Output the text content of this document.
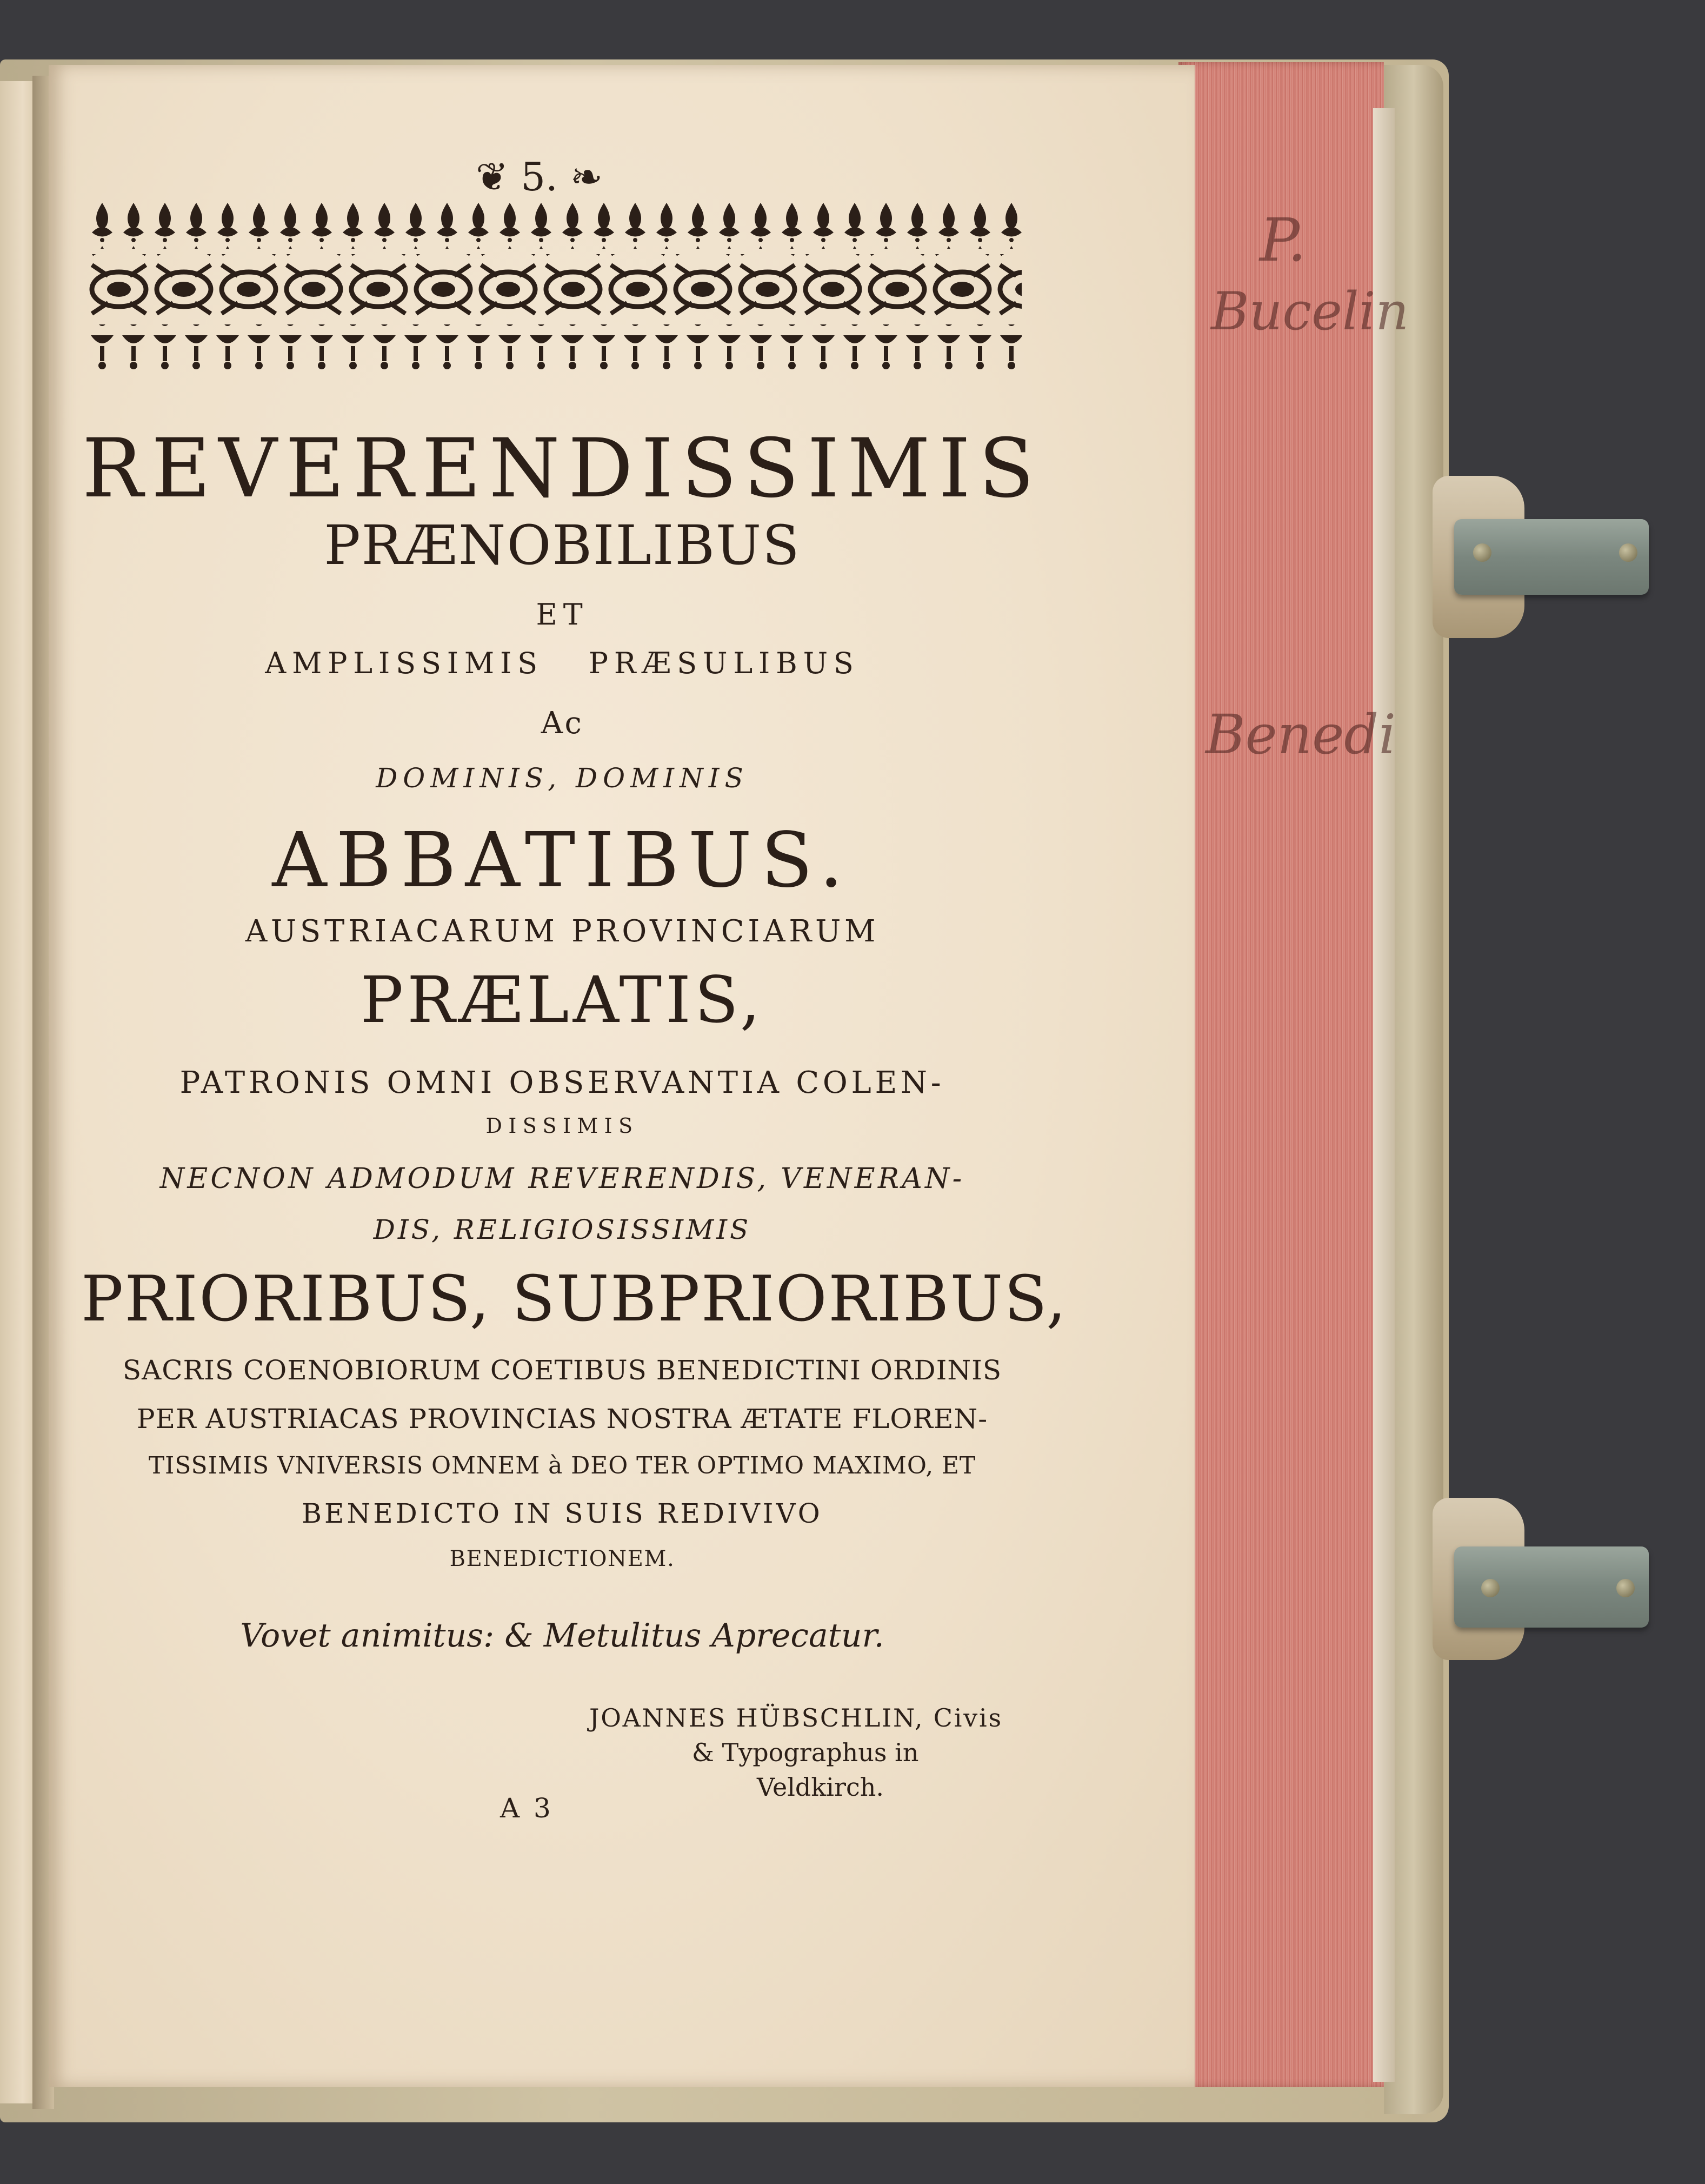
P.
Bucelin
Benedi
❦ 5. ❧
REVERENDISSIMIS
PRÆNOBILIBUS
ET
AMPLISSIMIS   PRÆSULIBUS
Ac
DOMINIS, DOMINIS
ABBATIBUS.
AUSTRIACARUM PROVINCIARUM
PRÆLATIS,
PATRONIS OMNI OBSERVANTIA COLEN-
DISSIMIS
NECNON ADMODUM REVERENDIS, VENERAN-
DIS, RELIGIOSISSIMIS
PRIORIBUS, SUBPRIORIBUS,
SACRIS COENOBIORUM COETIBUS BENEDICTINI ORDINIS
PER AUSTRIACAS PROVINCIAS NOSTRA ÆTATE FLOREN-
TISSIMIS VNIVERSIS OMNEM à DEO TER OPTIMO MAXIMO, ET
BENEDICTO IN SUIS REDIVIVO
BENEDICTIONEM.
Vovet animitus: & Metulitus Aprecatur.
JOANNES HÜBSCHLIN, Civis
& Typographus in
Veldkirch.
A 3
